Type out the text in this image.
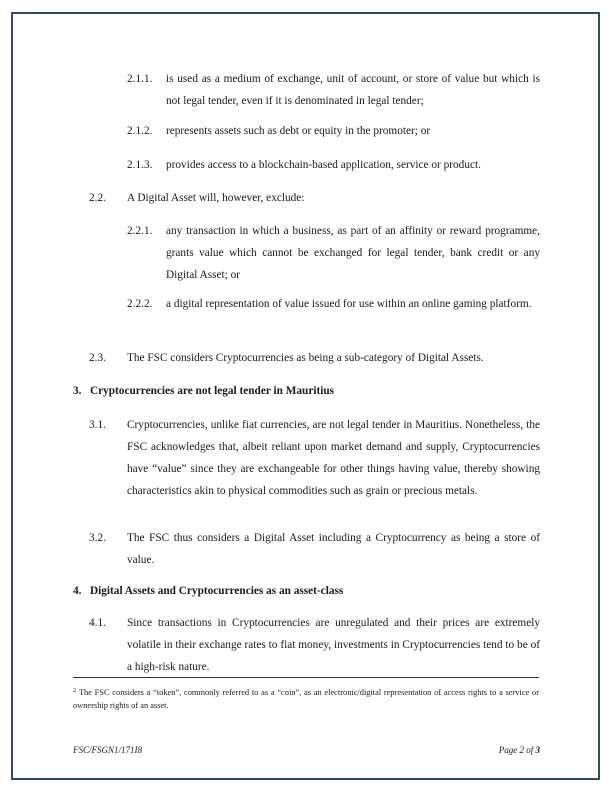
2.1.1. is used as a medium of exchange, unit of account, or store of value but which is not legal tender, even if it is denominated in legal tender;
2.1.2. represents assets such as debt or equity in the promoter; or
2.1.3. provides access to a blockchain-based application, service or product.
2.2. A Digital Asset will, however, exclude:
2.2.1. any transaction in which a business, as part of an affinity or reward programme, grants value which cannot be exchanged for legal tender, bank credit or any Digital Asset; or
2.2.2. a digital representation of value issued for use within an online gaming platform.
2.3. The FSC considers Cryptocurrencies as being a sub-category of Digital Assets.
3.   Cryptocurrencies are not legal tender in Mauritius
3.1. Cryptocurrencies, unlike fiat currencies, are not legal tender in Mauritius. Nonetheless, the FSC acknowledges that, albeit reliant upon market demand and supply, Cryptocurrencies have “value” since they are exchangeable for other things having value, thereby showing characteristics akin to physical commodities such as grain or precious metals.
3.2. The FSC thus considers a Digital Asset including a Cryptocurrency as being a store of value.
4.   Digital Assets and Cryptocurrencies as an asset-class
4.1. Since transactions in Cryptocurrencies are unregulated and their prices are extremely volatile in their exchange rates to fiat money, investments in Cryptocurrencies tend to be of a high-risk nature.
$^2$ The FSC considers a “token”, commonly referred to as a “coin”, as an electronic/digital representation of access rights to a service or ownership rights of an asset.
FSC/FSGN1/171I8	Page 2 of 3
